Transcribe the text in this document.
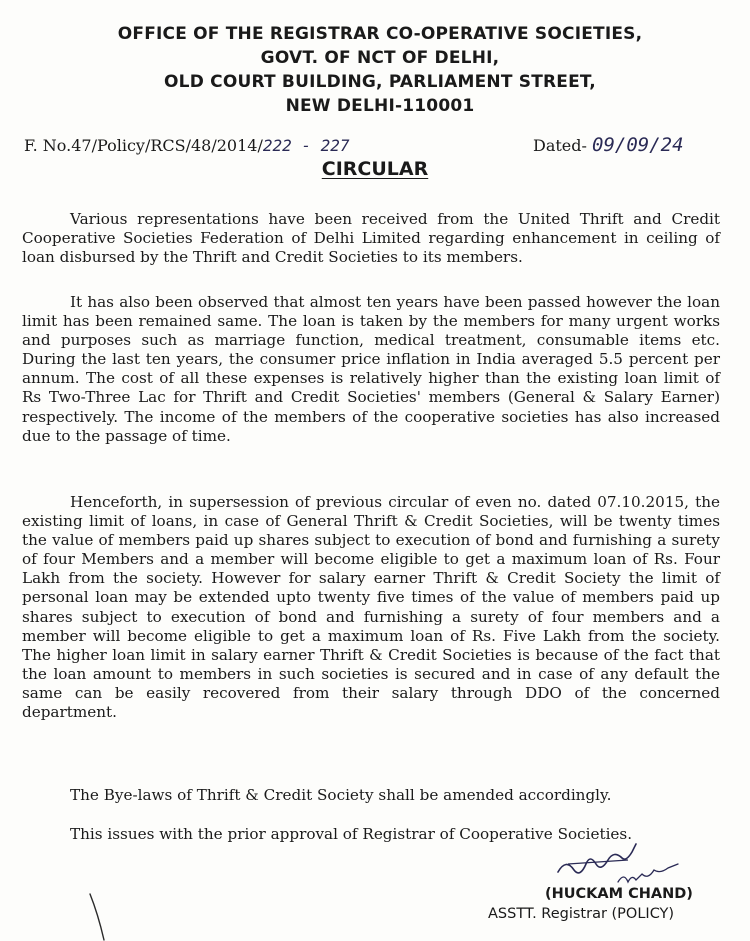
OFFICE OF THE REGISTRAR CO-OPERATIVE SOCIETIES,
GOVT. OF NCT OF DELHI,
OLD COURT BUILDING, PARLIAMENT STREET,
NEW DELHI-110001
F. No.47/Policy/RCS/48/2014/222 - 227	Dated- 09/09/24
CIRCULAR

Various representations have been received from the United Thrift and Credit Cooperative Societies Federation of Delhi Limited regarding enhancement in ceiling of loan disbursed by the Thrift and Credit Societies to its members.

It has also been observed that almost ten years have been passed however the loan limit has been remained same. The loan is taken by the members for many urgent works and purposes such as marriage function, medical treatment, consumable items etc. During the last ten years, the consumer price inflation in India averaged 5.5 percent per annum. The cost of all these expenses is relatively higher than the existing loan limit of Rs Two-Three Lac for Thrift and Credit Societies' members (General & Salary Earner) respectively. The income of the members of the cooperative societies has also increased due to the passage of time.

Henceforth, in supersession of previous circular of even no. dated 07.10.2015, the existing limit of loans, in case of General Thrift & Credit Societies, will be twenty times the value of members paid up shares subject to execution of bond and furnishing a surety of four Members and a member will become eligible to get a maximum loan of Rs. Four Lakh from the society. However for salary earner Thrift & Credit Society the limit of personal loan may be extended upto twenty five times of the value of members paid up shares subject to execution of bond and furnishing a surety of four members and a member will become eligible to get a maximum loan of Rs. Five Lakh from the society. The higher loan limit in salary earner Thrift & Credit Societies is because of the fact that the loan amount to members in such societies is secured and in case of any default the same can be easily recovered from their salary through DDO of the concerned department.

The Bye-laws of Thrift & Credit Society shall be amended accordingly.

This issues with the prior approval of Registrar of Cooperative Societies.

(HUCKAM CHAND)
ASSTT. Registrar (POLICY)
